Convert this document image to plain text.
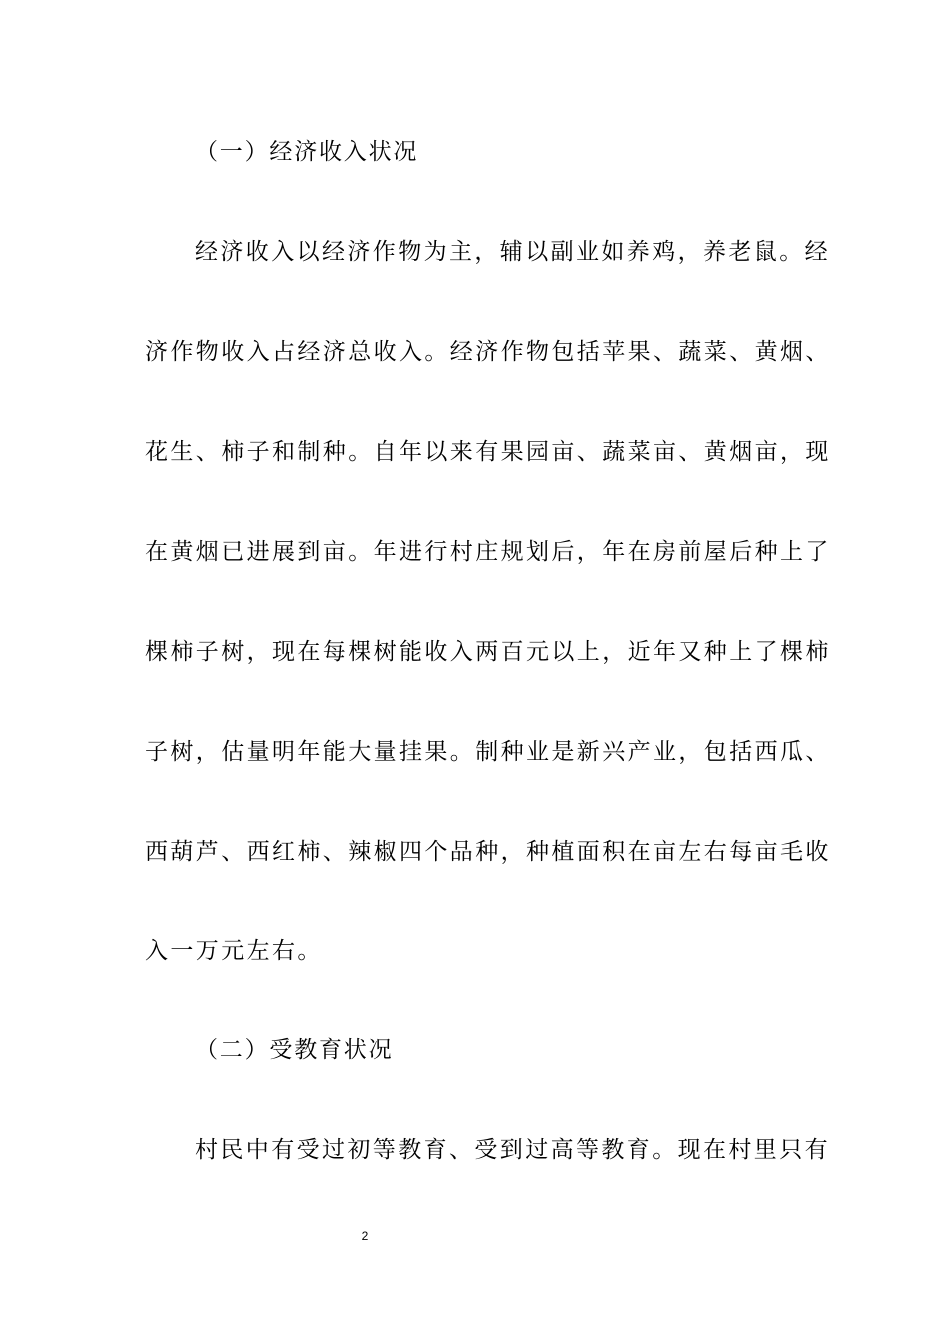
（一）经济收入状况

经济收入以经济作物为主，辅以副业如养鸡，养老鼠。经

济作物收入占经济总收入。经济作物包括苹果、蔬菜、黄烟、

花生、柿子和制种。自年以来有果园亩、蔬菜亩、黄烟亩，现

在黄烟已进展到亩。年进行村庄规划后，年在房前屋后种上了

棵柿子树，现在每棵树能收入两百元以上，近年又种上了棵柿

子树，估量明年能大量挂果。制种业是新兴产业，包括西瓜、

西葫芦、西红柿、辣椒四个品种，种植面积在亩左右每亩毛收

入一万元左右。

（二）受教育状况

村民中有受过初等教育、受到过高等教育。现在村里只有

2
